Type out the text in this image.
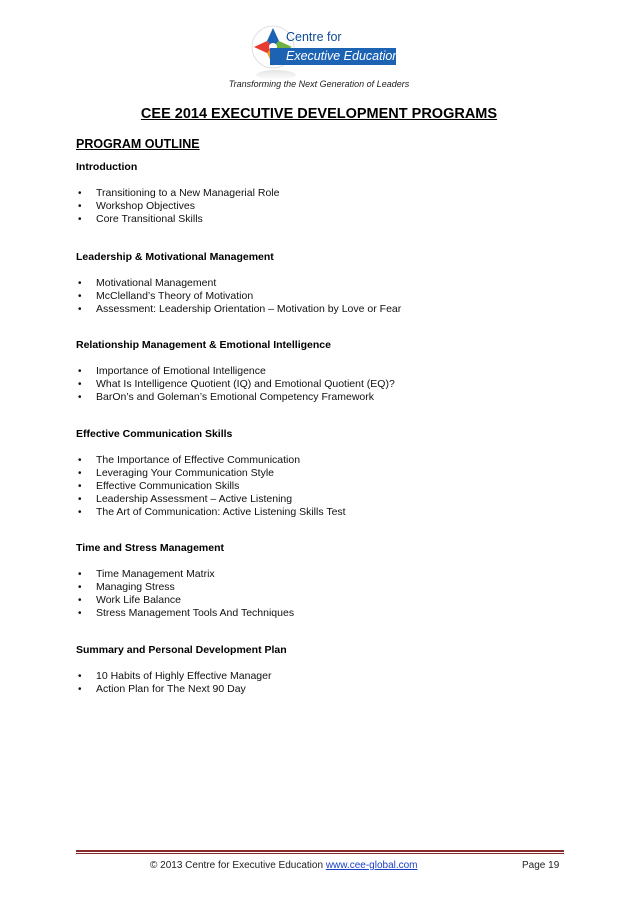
Centre for
Executive Education
Transforming the Next Generation of Leaders
CEE 2014 EXECUTIVE DEVELOPMENT PROGRAMS
PROGRAM OUTLINE
Introduction
• Transitioning to a New Managerial Role
• Workshop Objectives
• Core Transitional Skills
Leadership & Motivational Management
• Motivational Management
• McClelland’s Theory of Motivation
• Assessment: Leadership Orientation – Motivation by Love or Fear
Relationship Management & Emotional Intelligence
• Importance of Emotional Intelligence
• What Is Intelligence Quotient (IQ) and Emotional Quotient (EQ)?
• BarOn’s and Goleman’s Emotional Competency Framework
Effective Communication Skills
• The Importance of Effective Communication
• Leveraging Your Communication Style
• Effective Communication Skills
• Leadership Assessment – Active Listening
• The Art of Communication: Active Listening Skills Test
Time and Stress Management
• Time Management Matrix
• Managing Stress
• Work Life Balance
• Stress Management Tools And Techniques
Summary and Personal Development Plan
• 10 Habits of Highly Effective Manager
• Action Plan for The Next 90 Day
© 2013 Centre for Executive Education www.cee-global.com	Page 19
